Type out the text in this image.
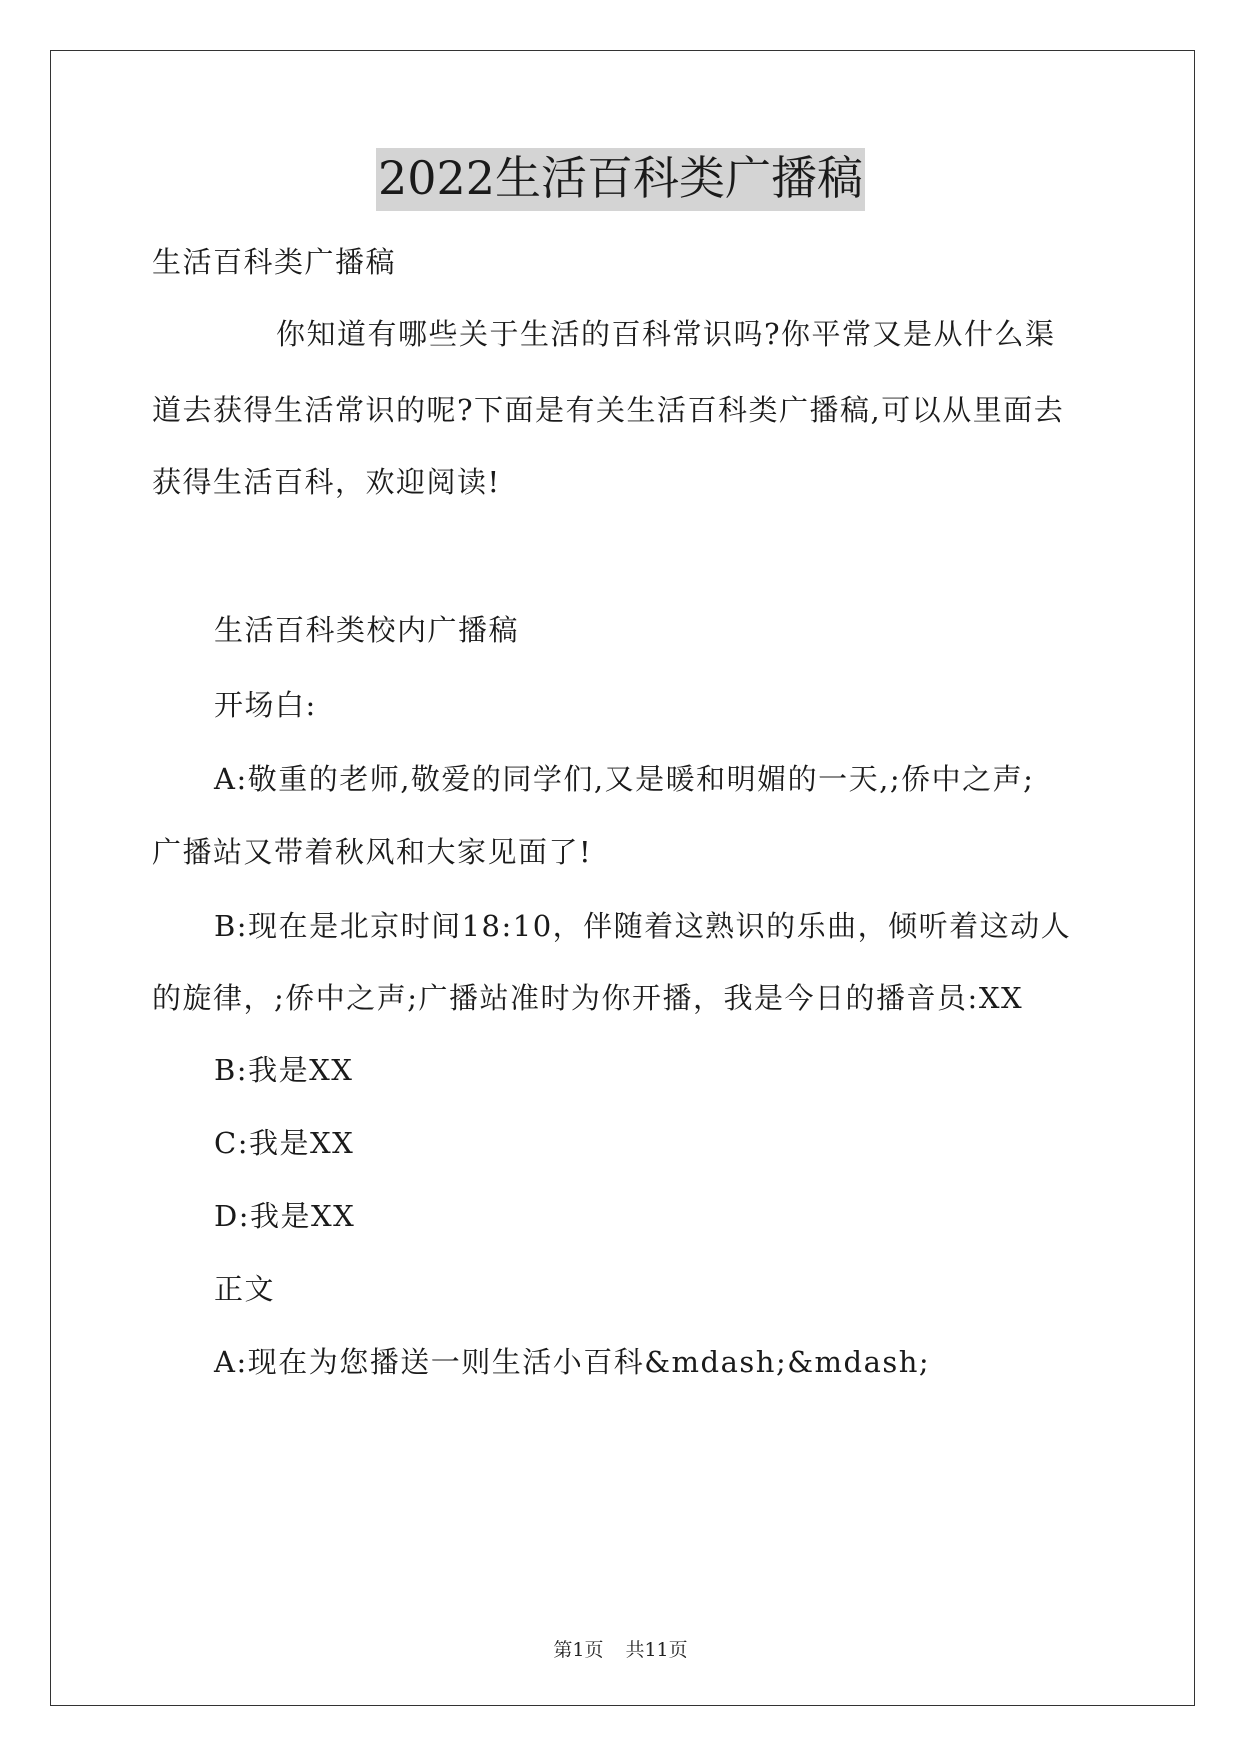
2022生活百科类广播稿
生活百科类广播稿
你知道有哪些关于生活的百科常识吗?你平常又是从什么渠
道去获得生活常识的呢?下面是有关生活百科类广播稿,可以从里面去
获得生活百科，欢迎阅读!
生活百科类校内广播稿
开场白:
A:敬重的老师,敬爱的同学们,又是暖和明媚的一天,;侨中之声;
广播站又带着秋风和大家见面了!
B:现在是北京时间18:10，伴随着这熟识的乐曲，倾听着这动人
的旋律，;侨中之声;广播站准时为你开播，我是今日的播音员:XX
B:我是XX
C:我是XX
D:我是XX
正文
A:现在为您播送一则生活小百科&mdash;&mdash;
第1页 共11页
